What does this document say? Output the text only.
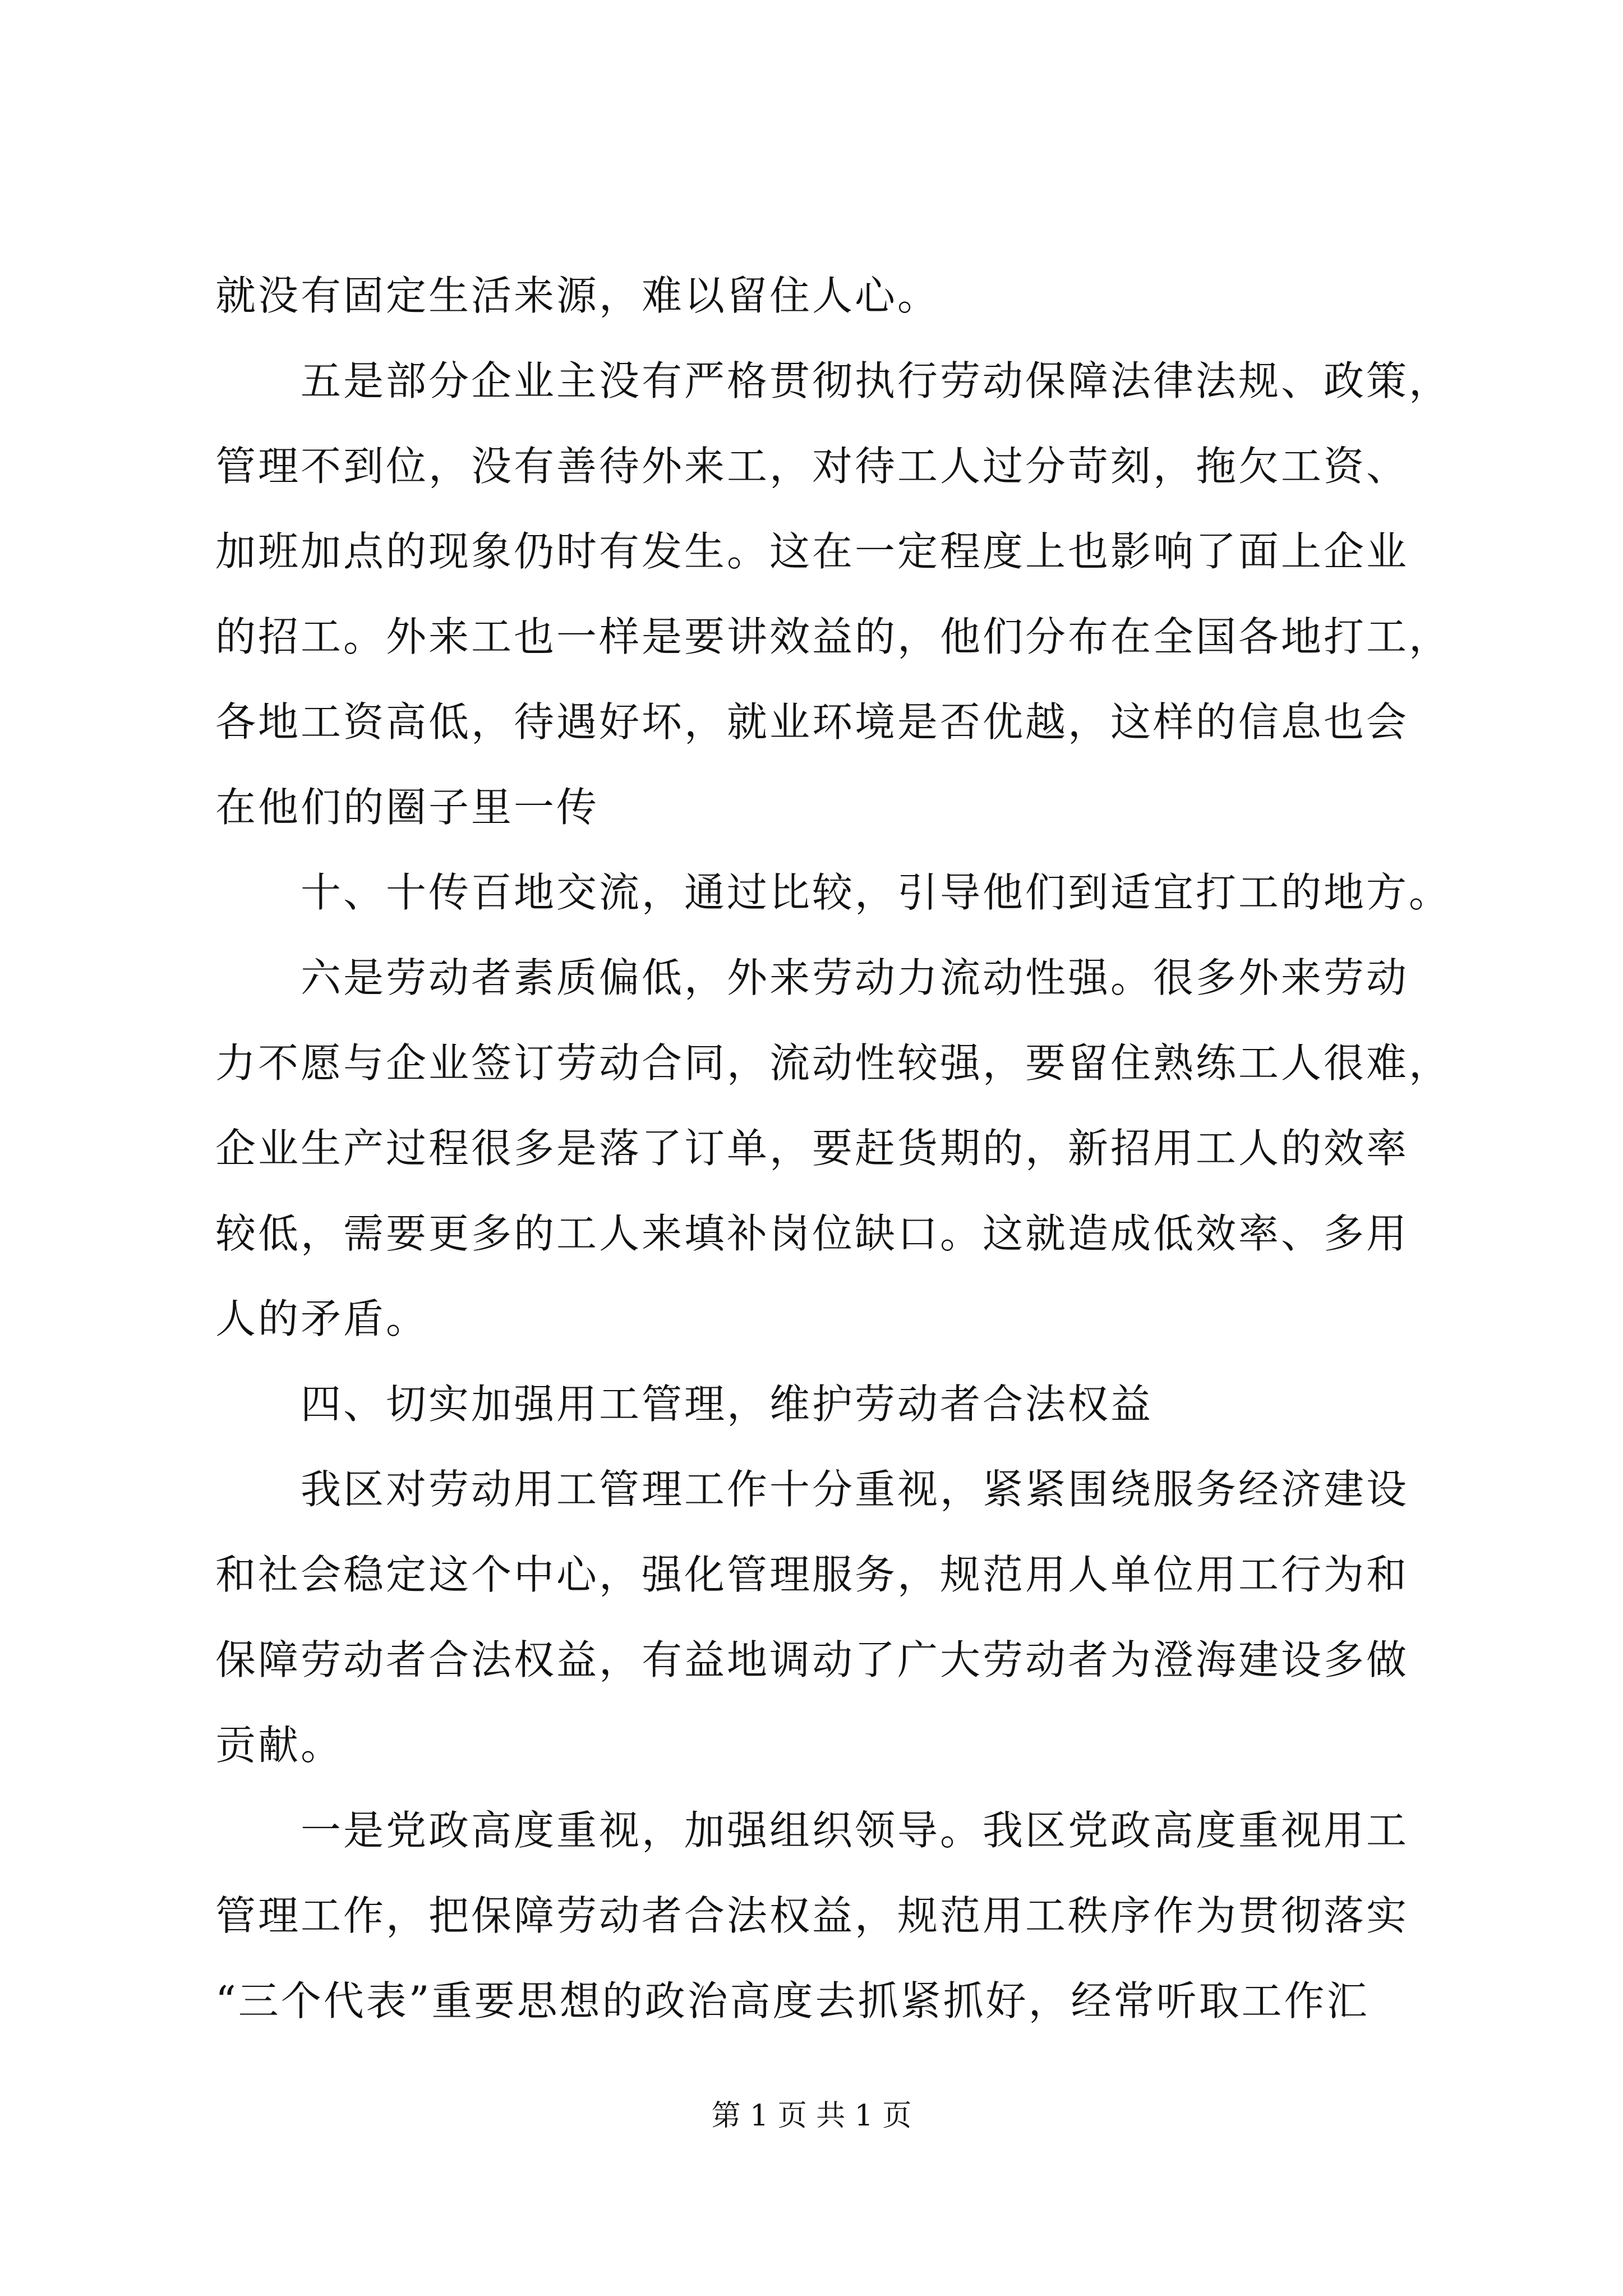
就没有固定生活来源，难以留住人心。
五是部分企业主没有严格贯彻执行劳动保障法律法规、政策，
管理不到位，没有善待外来工，对待工人过分苛刻，拖欠工资、
加班加点的现象仍时有发生。这在一定程度上也影响了面上企业
的招工。外来工也一样是要讲效益的，他们分布在全国各地打工，
各地工资高低，待遇好坏，就业环境是否优越，这样的信息也会
在他们的圈子里一传
十、十传百地交流，通过比较，引导他们到适宜打工的地方。
六是劳动者素质偏低，外来劳动力流动性强。很多外来劳动
力不愿与企业签订劳动合同，流动性较强，要留住熟练工人很难，
企业生产过程很多是落了订单，要赶货期的，新招用工人的效率
较低，需要更多的工人来填补岗位缺口。这就造成低效率、多用
人的矛盾。
四、切实加强用工管理，维护劳动者合法权益
我区对劳动用工管理工作十分重视，紧紧围绕服务经济建设
和社会稳定这个中心，强化管理服务，规范用人单位用工行为和
保障劳动者合法权益，有益地调动了广大劳动者为澄海建设多做
贡献。
一是党政高度重视，加强组织领导。我区党政高度重视用工
管理工作，把保障劳动者合法权益，规范用工秩序作为贯彻落实
“三个代表”重要思想的政治高度去抓紧抓好，经常听取工作汇
第 1 页 共 1 页
